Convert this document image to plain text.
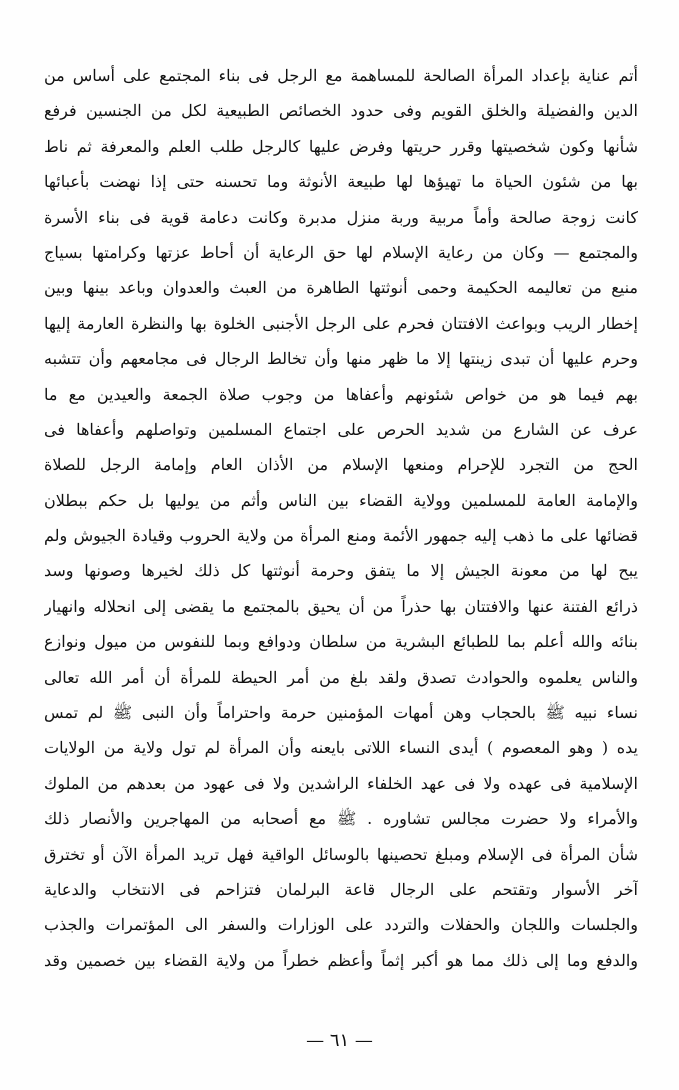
أتم عناية بإعداد المرأة الصالحة للمساهمة مع الرجل فى بناء المجتمع على أساس من
الدين والفضيلة والخلق القويم وفى حدود الخصائص الطبيعية لكل من الجنسين فرفع
شأنها وكون شخصيتها وقرر حريتها وفرض عليها كالرجل طلب العلم والمعرفة ثم ناط
بها من شئون الحياة ما تهيؤها لها طبيعة الأنوثة وما تحسنه حتى إذا نهضت بأعبائها
كانت زوجة صالحة وأماً مربية وربة منزل مدبرة وكانت دعامة قوية فى بناء الأسرة
والمجتمع — وكان من رعاية الإسلام لها حق الرعاية أن أحاط عزتها وكرامتها بسياج
منيع من تعاليمه الحكيمة وحمى أنوثتها الطاهرة من العبث والعدوان وباعد بينها وبين
إخطار الريب وبواعث الافتتان فحرم على الرجل الأجنبى الخلوة بها والنظرة العارمة إليها
وحرم عليها أن تبدى زينتها إلا ما ظهر منها وأن تخالط الرجال فى مجامعهم وأن تتشبه
بهم فيما هو من خواص شئونهم وأعفاها من وجوب صلاة الجمعة والعيدين مع ما
عرف عن الشارع من شديد الحرص على اجتماع المسلمين وتواصلهم وأعفاها فى
الحج من التجرد للإحرام ومنعها الإسلام من الأذان العام وإمامة الرجل للصلاة
والإمامة العامة للمسلمين وولاية القضاء بين الناس وأثم من يوليها بل حكم ببطلان
قضائها على ما ذهب إليه جمهور الأئمة ومنع المرأة من ولاية الحروب وقيادة الجيوش ولم
يبح لها من معونة الجيش إلا ما يتفق وحرمة أنوثتها كل ذلك لخيرها وصونها وسد
ذرائع الفتنة عنها والافتتان بها حذراً من أن يحيق بالمجتمع ما يقضى إلى انحلاله وانهيار
بنائه والله أعلم بما للطبائع البشرية من سلطان ودوافع وبما للنفوس من ميول ونوازع
والناس يعلموه والحوادث تصدق ولقد بلغ من أمر الحيطة للمرأة أن أمر الله تعالى
نساء نبيه ﷺ بالحجاب وهن أمهات المؤمنين حرمة واحتراماً وأن النبى ﷺ لم تمس
يده ( وهو المعصوم ) أيدى النساء اللاتى بايعنه وأن المرأة لم تول ولاية من الولايات
الإسلامية فى عهده ولا فى عهد الخلفاء الراشدين ولا فى عهود من بعدهم من الملوك
والأمراء ولا حضرت مجالس تشاوره . ﷺ مع أصحابه من المهاجرين والأنصار ذلك
شأن المرأة فى الإسلام ومبلغ تحصينها بالوسائل الواقية فهل تريد المرأة الآن أو تخترق
آخر الأسوار وتقتحم على الرجال قاعة البرلمان فتزاحم فى الانتخاب والدعاية
والجلسات واللجان والحفلات والتردد على الوزارات والسفر الى المؤتمرات والجذب
والدفع وما إلى ذلك مما هو أكبر إثماً وأعظم خطراً من ولاية القضاء بين خصمين وقد
— ٦١ —
